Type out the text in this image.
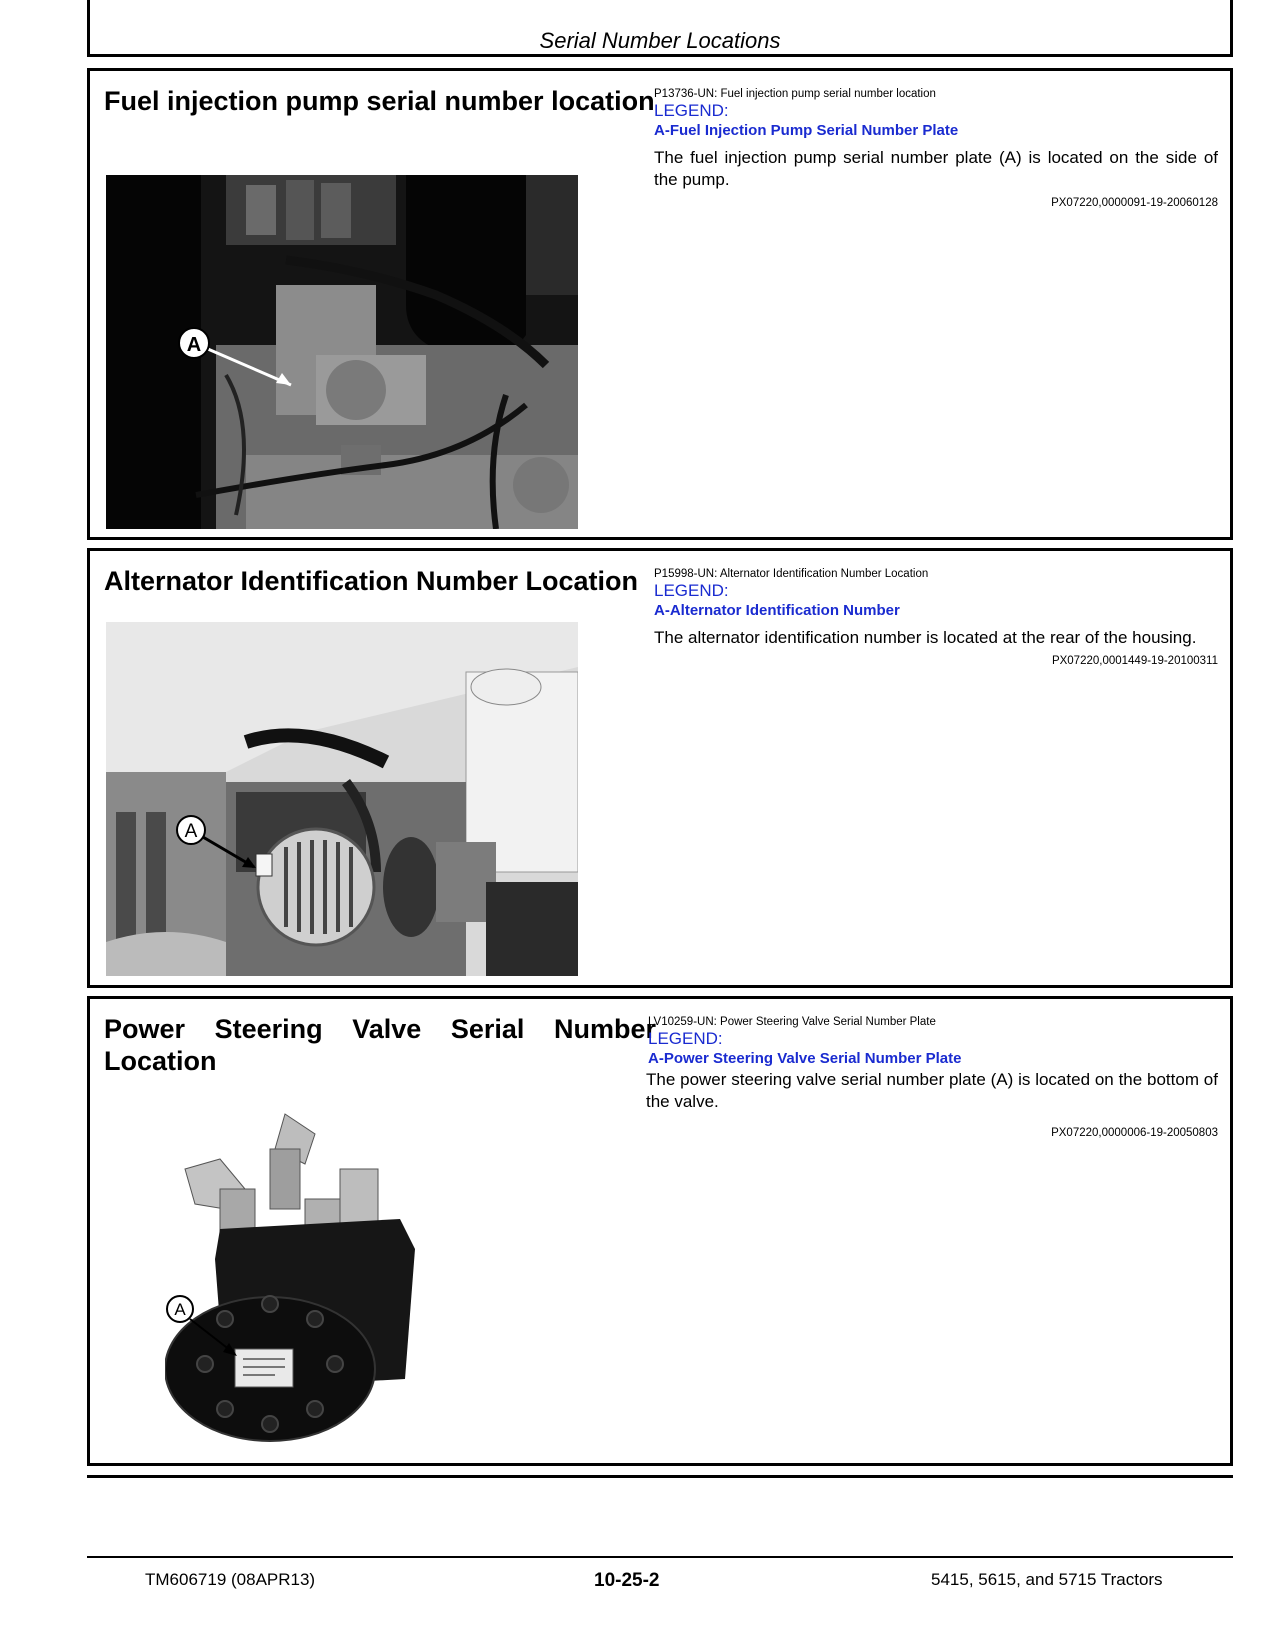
Serial Number Locations
Fuel injection pump serial number location
A
P13736-UN: Fuel injection pump serial number location
LEGEND:
A-Fuel Injection Pump Serial Number Plate
The fuel injection pump serial number plate (A) is located on the side of the pump.
PX07220,0000091-19-20060128
Alternator Identification Number Location
A
P15998-UN: Alternator Identification Number Location
LEGEND:
A-Alternator Identification Number
The alternator identification number is located at the rear of the housing.
PX07220,0001449-19-20100311
Power Steering Valve Serial Number Location
A
LV10259-UN: Power Steering Valve Serial Number Plate
LEGEND:
A-Power Steering Valve Serial Number Plate
The power steering valve serial number plate (A) is located on the bottom of the valve.
PX07220,0000006-19-20050803
TM606719 (08APR13)	10-25-2	5415, 5615, and 5715 Tractors
